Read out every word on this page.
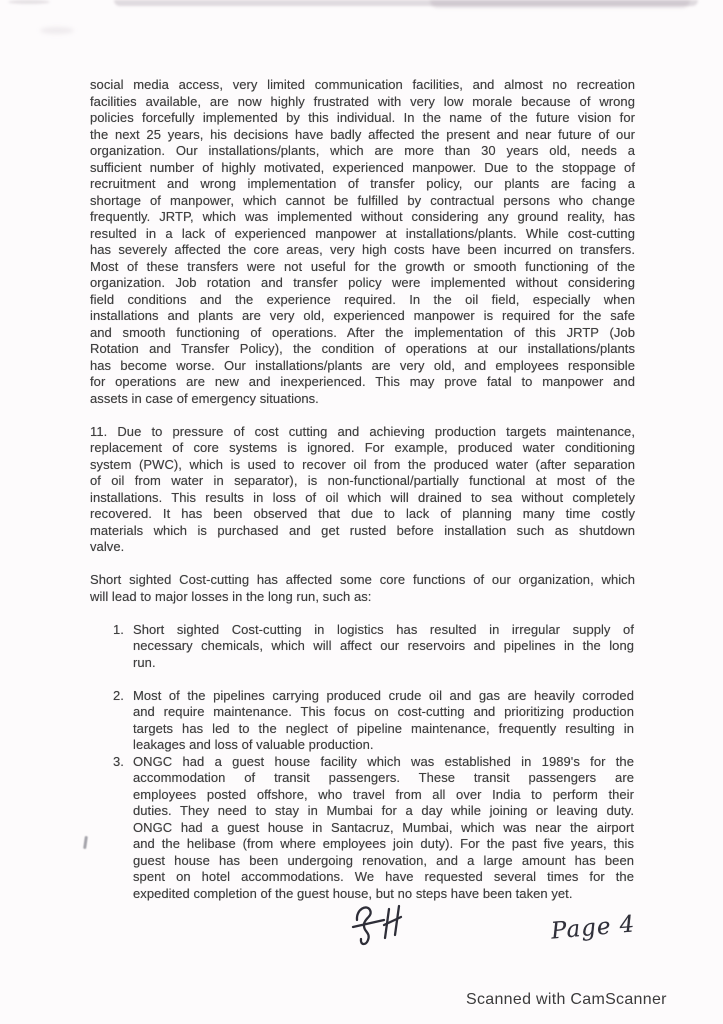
social media access, very limited communication facilities, and almost no recreation
facilities available, are now highly frustrated with very low morale because of wrong
policies forcefully implemented by this individual. In the name of the future vision for
the next 25 years, his decisions have badly affected the present and near future of our
organization. Our installations/plants, which are more than 30 years old, needs a
sufficient number of highly motivated, experienced manpower. Due to the stoppage of
recruitment and wrong implementation of transfer policy, our plants are facing a
shortage of manpower, which cannot be fulfilled by contractual persons who change
frequently. JRTP, which was implemented without considering any ground reality, has
resulted in a lack of experienced manpower at installations/plants. While cost-cutting
has severely affected the core areas, very high costs have been incurred on transfers.
Most of these transfers were not useful for the growth or smooth functioning of the
organization. Job rotation and transfer policy were implemented without considering
field conditions and the experience required. In the oil field, especially when
installations and plants are very old, experienced manpower is required for the safe
and smooth functioning of operations. After the implementation of this JRTP (Job
Rotation and Transfer Policy), the condition of operations at our installations/plants
has become worse. Our installations/plants are very old, and employees responsible
for operations are new and inexperienced. This may prove fatal to manpower and
assets in case of emergency situations.
11. Due to pressure of cost cutting and achieving production targets maintenance,
replacement of core systems is ignored. For example, produced water conditioning
system (PWC), which is used to recover oil from the produced water (after separation
of oil from water in separator), is non-functional/partially functional at most of the
installations. This results in loss of oil which will drained to sea without completely
recovered. It has been observed that due to lack of planning many time costly
materials which is purchased and get rusted before installation such as shutdown
valve.
Short sighted Cost-cutting has affected some core functions of our organization, which
will lead to major losses in the long run, such as:
1. Short sighted Cost-cutting in logistics has resulted in irregular supply of
necessary chemicals, which will affect our reservoirs and pipelines in the long
run.
2. Most of the pipelines carrying produced crude oil and gas are heavily corroded
and require maintenance. This focus on cost-cutting and prioritizing production
targets has led to the neglect of pipeline maintenance, frequently resulting in
leakages and loss of valuable production.
3. ONGC had a guest house facility which was established in 1989's for the
accommodation of transit passengers. These transit passengers are
employees posted offshore, who travel from all over India to perform their
duties. They need to stay in Mumbai for a day while joining or leaving duty.
ONGC had a guest house in Santacruz, Mumbai, which was near the airport
and the helibase (from where employees join duty). For the past five years, this
guest house has been undergoing renovation, and a large amount has been
spent on hotel accommodations. We have requested several times for the
expedited completion of the guest house, but no steps have been taken yet.
Page 4
Scanned with CamScanner
